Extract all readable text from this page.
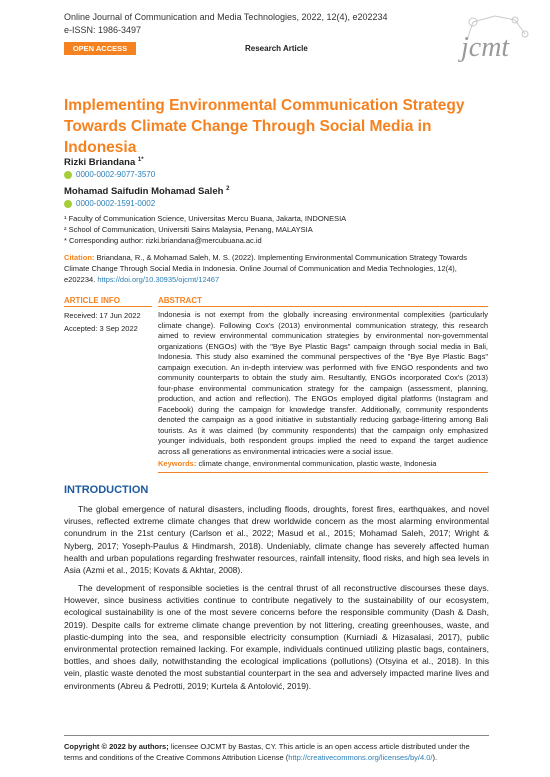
Online Journal of Communication and Media Technologies, 2022, 12(4), e202234
e-ISSN: 1986-3497
jcmt
OPEN ACCESS	Research Article
Implementing Environmental Communication Strategy Towards Climate Change Through Social Media in Indonesia
Rizki Briandana $^{1*}$
0000-0002-9077-3570
Mohamad Saifudin Mohamad Saleh $^2$
0000-0002-1591-0002
¹ Faculty of Communication Science, Universitas Mercu Buana, Jakarta, INDONESIA
² School of Communication, Universiti Sains Malaysia, Penang, MALAYSIA
* Corresponding author: rizki.briandana@mercubuana.ac.id
Citation: Briandana, R., & Mohamad Saleh, M. S. (2022). Implementing Environmental Communication Strategy Towards Climate Change Through Social Media in Indonesia. Online Journal of Communication and Media Technologies, 12(4), e202234. https://doi.org/10.30935/ojcmt/12467
ARTICLE INFO	ABSTRACT
Received: 17 Jun 2022
Accepted: 3 Sep 2022
Indonesia is not exempt from the globally increasing environmental complexities (particularly climate change). Following Cox's (2013) environmental communication strategy, this research aimed to review environmental communication strategies by environmental non-governmental organizations (ENGOs) with the "Bye Bye Plastic Bags" campaign through social media in Bali, Indonesia. This study also examined the communal perspectives of the "Bye Bye Plastic Bags" campaign execution. An in-depth interview was performed with five ENGO respondents and two community counterparts to obtain the study aim. Resultantly, ENGOs incorporated Cox's (2013) four-phase environmental communication strategy for the campaign (assessment, planning, production, and action and reflection). The ENGOs employed digital platforms (Instagram and Facebook) during the campaign for knowledge transfer. Additionally, community respondents denoted the campaign as a good initiative in substantially reducing garbage-littering among Bali tourists. As it was claimed (by community respondents) that the campaign only emphasized younger individuals, both respondent groups implied the need to expand the target audience across all generations as environmental intricacies were a social issue.
Keywords: climate change, environmental communication, plastic waste, Indonesia
INTRODUCTION
The global emergence of natural disasters, including floods, droughts, forest fires, earthquakes, and novel viruses, reflected extreme climate changes that drew worldwide concern as the most alarming environmental conundrum in the 21st century (Carlson et al., 2022; Masud et al., 2015; Mohamad Saleh, 2017; Wright & Nyberg, 2017; Yoseph-Paulus & Hindmarsh, 2018). Undeniably, climate change has severely affected human health and urban populations regarding freshwater resources, rainfall intensity, flood risks, and high sea levels in Asia (Azmi et al., 2015; Kovats & Akhtar, 2008).
The development of responsible societies is the central thrust of all reconstructive discourses these days. However, since business activities continue to contribute negatively to the sustainability of our ecosystem, ecological sustainability is one of the most severe concerns before the responsible community (Dash & Dash, 2019). Despite calls for extreme climate change prevention by not littering, creating greenhouses, waste, and plastic-dumping into the sea, and responsible electricity consumption (Kurniadi & Hizasalasi, 2017), public environmental protection remained lacking. For example, individuals continued utilizing plastic bags, containers, bottles, and shoes daily, notwithstanding the ecological implications (pollutions) (Otsyina et al., 2018). In this vein, plastic waste denoted the most substantial counterpart in the sea and adversely impacted marine lives and environments (Abreu & Pedrotti, 2019; Kurtela & Antolović, 2019).
Copyright © 2022 by authors; licensee OJCMT by Bastas, CY. This article is an open access article distributed under the terms and conditions of the Creative Commons Attribution License (http://creativecommons.org/licenses/by/4.0/).
